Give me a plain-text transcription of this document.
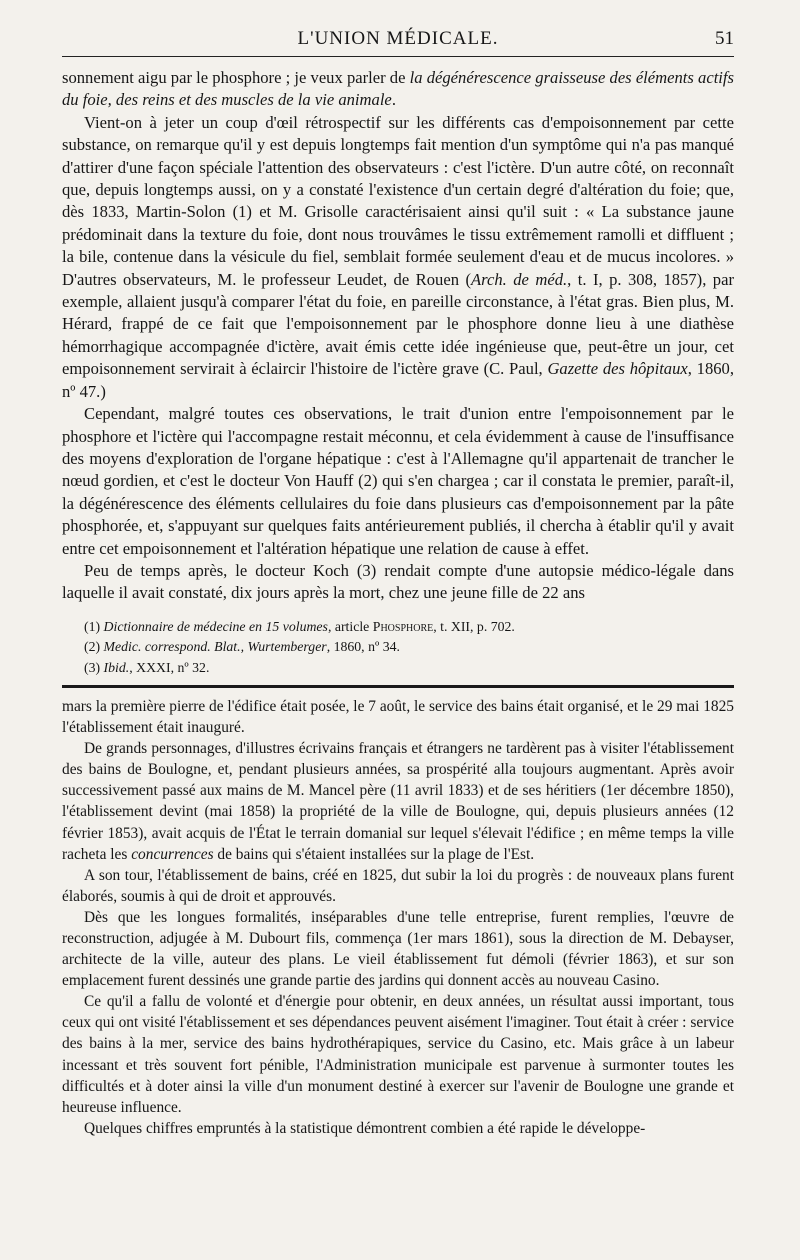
L'UNION MÉDICALE.	51

sonnement aigu par le phosphore ; je veux parler de la dégénérescence graisseuse des éléments actifs du foie, des reins et des muscles de la vie animale.

Vient-on à jeter un coup d'œil rétrospectif sur les différents cas d'empoisonnement par cette substance, on remarque qu'il y est depuis longtemps fait mention d'un symptôme qui n'a pas manqué d'attirer d'une façon spéciale l'attention des observateurs : c'est l'ictère. D'un autre côté, on reconnaît que, depuis longtemps aussi, on y a constaté l'existence d'un certain degré d'altération du foie; que, dès 1833, Martin-Solon (1) et M. Grisolle caractérisaient ainsi qu'il suit : « La substance jaune prédominait dans la texture du foie, dont nous trouvâmes le tissu extrêmement ramolli et diffluent ; la bile, contenue dans la vésicule du fiel, semblait formée seulement d'eau et de mucus incolores. » D'autres observateurs, M. le professeur Leudet, de Rouen (Arch. de méd., t. I, p. 308, 1857), par exemple, allaient jusqu'à comparer l'état du foie, en pareille circonstance, à l'état gras. Bien plus, M. Hérard, frappé de ce fait que l'empoisonnement par le phosphore donne lieu à une diathèse hémorrhagique accompagnée d'ictère, avait émis cette idée ingénieuse que, peut-être un jour, cet empoisonnement servirait à éclaircir l'histoire de l'ictère grave (C. Paul, Gazette des hôpitaux, 1860, nº 47.)

Cependant, malgré toutes ces observations, le trait d'union entre l'empoisonnement par le phosphore et l'ictère qui l'accompagne restait méconnu, et cela évidemment à cause de l'insuffisance des moyens d'exploration de l'organe hépatique : c'est à l'Allemagne qu'il appartenait de trancher le nœud gordien, et c'est le docteur Von Hauff (2) qui s'en chargea ; car il constata le premier, paraît-il, la dégénérescence des éléments cellulaires du foie dans plusieurs cas d'empoisonnement par la pâte phosphorée, et, s'appuyant sur quelques faits antérieurement publiés, il chercha à établir qu'il y avait entre cet empoisonnement et l'altération hépatique une relation de cause à effet.

Peu de temps après, le docteur Koch (3) rendait compte d'une autopsie médico-légale dans laquelle il avait constaté, dix jours après la mort, chez une jeune fille de 22 ans

(1) Dictionnaire de médecine en 15 volumes, article Phosphore, t. XII, p. 702.

(2) Medic. correspond. Blat., Wurtemberger, 1860, nº 34.

(3) Ibid., XXXI, nº 32.

mars la première pierre de l'édifice était posée, le 7 août, le service des bains était organisé, et le 29 mai 1825 l'établissement était inauguré.

De grands personnages, d'illustres écrivains français et étrangers ne tardèrent pas à visiter l'établissement des bains de Boulogne, et, pendant plusieurs années, sa prospérité alla toujours augmentant. Après avoir successivement passé aux mains de M. Mancel père (11 avril 1833) et de ses héritiers (1er décembre 1850), l'établissement devint (mai 1858) la propriété de la ville de Boulogne, qui, depuis plusieurs années (12 février 1853), avait acquis de l'État le terrain domanial sur lequel s'élevait l'édifice ; en même temps la ville racheta les concurrences de bains qui s'étaient installées sur la plage de l'Est.

A son tour, l'établissement de bains, créé en 1825, dut subir la loi du progrès : de nouveaux plans furent élaborés, soumis à qui de droit et approuvés.

Dès que les longues formalités, inséparables d'une telle entreprise, furent remplies, l'œuvre de reconstruction, adjugée à M. Dubourt fils, commença (1er mars 1861), sous la direction de M. Debayser, architecte de la ville, auteur des plans. Le vieil établissement fut démoli (février 1863), et sur son emplacement furent dessinés une grande partie des jardins qui donnent accès au nouveau Casino.

Ce qu'il a fallu de volonté et d'énergie pour obtenir, en deux années, un résultat aussi important, tous ceux qui ont visité l'établissement et ses dépendances peuvent aisément l'imaginer. Tout était à créer : service des bains à la mer, service des bains hydrothérapiques, service du Casino, etc. Mais grâce à un labeur incessant et très souvent fort pénible, l'Administration municipale est parvenue à surmonter toutes les difficultés et à doter ainsi la ville d'un monument destiné à exercer sur l'avenir de Boulogne une grande et heureuse influence.

Quelques chiffres empruntés à la statistique démontrent combien a été rapide le développe-
